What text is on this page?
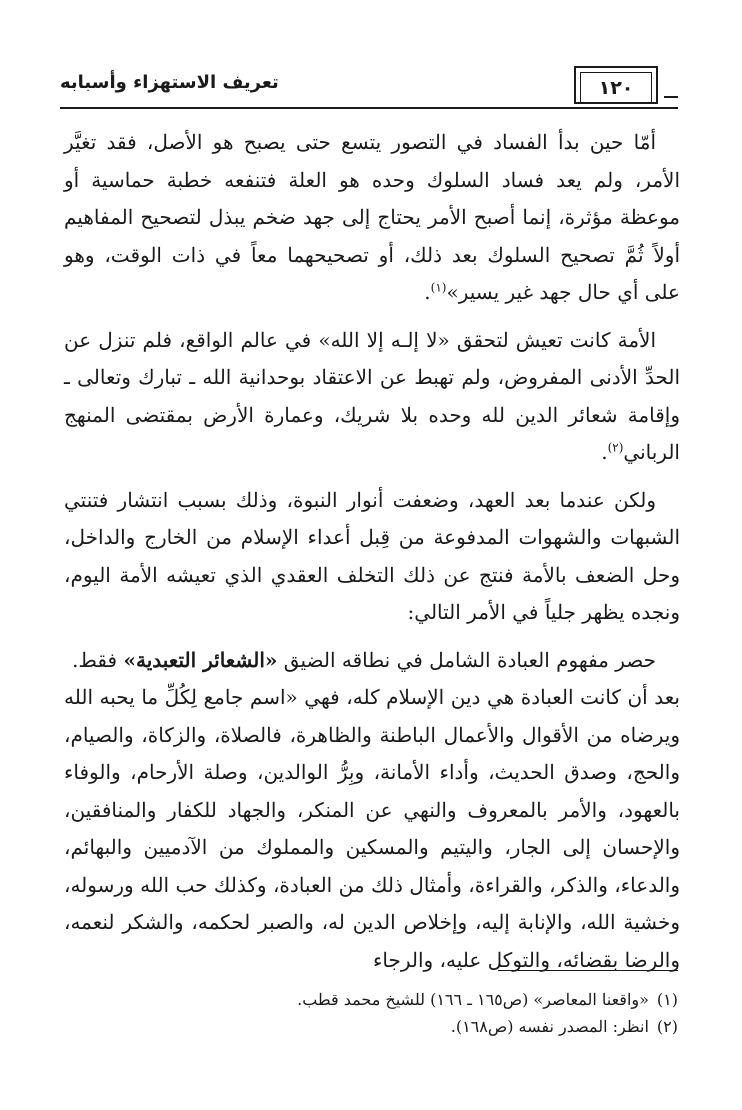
١٢٠
تعريف الاستهزاء وأسبابه

أمّا حين بدأ الفساد في التصور يتسع حتى يصبح هو الأصل، فقد تغيَّر الأمر، ولم يعد فساد السلوك وحده هو العلة فتنفعه خطبة حماسية أو موعظة مؤثرة، إنما أصبح الأمر يحتاج إلى جهد ضخم يبذل لتصحيح المفاهيم أولاً ثُمَّ تصحيح السلوك بعد ذلك، أو تصحيحهما معاً في ذات الوقت، وهو على أي حال جهد غير يسير»$^{(١)}$.

الأمة كانت تعيش لتحقق «لا إلـه إلا الله» في عالم الواقع، فلم تنزل عن الحدِّ الأدنى المفروض، ولم تهبط عن الاعتقاد بوحدانية الله ـ تبارك وتعالى ـ وإقامة شعائر الدين لله وحده بلا شريك، وعمارة الأرض بمقتضى المنهج الرباني$^{(٢)}$.

ولكن عندما بعد العهد، وضعفت أنوار النبوة، وذلك بسبب انتشار فتنتي الشبهات والشهوات المدفوعة من قِبل أعداء الإسلام من الخارج والداخل، وحل الضعف بالأمة فنتج عن ذلك التخلف العقدي الذي تعيشه الأمة اليوم، ونجده يظهر جلياً في الأمر التالي:

حصر مفهوم العبادة الشامل في نطاقه الضيق «الشعائر التعبدية» فقط.

بعد أن كانت العبادة هي دين الإسلام كله، فهي «اسم جامع لِكُلِّ ما يحبه الله ويرضاه من الأقوال والأعمال الباطنة والظاهرة، فالصلاة، والزكاة، والصيام، والحج، وصدق الحديث، وأداء الأمانة، وبِرُّ الوالدين، وصلة الأرحام، والوفاء بالعهود، والأمر بالمعروف والنهي عن المنكر، والجهاد للكفار والمنافقين، والإحسان إلى الجار، واليتيم والمسكين والمملوك من الآدميين والبهائم، والدعاء، والذكر، والقراءة، وأمثال ذلك من العبادة، وكذلك حب الله ورسوله، وخشية الله، والإنابة إليه، وإخلاص الدين له، والصبر لحكمه، والشكر لنعمه، والرضا بقضائه، والتوكل عليه، والرجاء

(١)«واقعنا المعاصر» (ص١٦٥ ـ ١٦٦) للشيخ محمد قطب.

(٢)انظر: المصدر نفسه (ص١٦٨).
